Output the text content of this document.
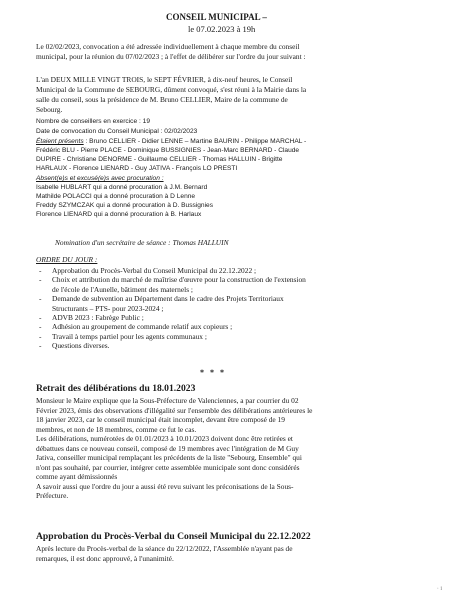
CONSEIL MUNICIPAL –

le 07.02.2023 à 19h

Le 02/02/2023, convocation a été adressée individuellement à chaque membre du conseil

municipal, pour la réunion du 07/02/2023 ; à l'effet de délibérer sur l'ordre du jour suivant :

L'an DEUX MILLE VINGT TROIS, le SEPT FÉVRIER, à dix-neuf heures, le Conseil

Municipal de la Commune de SEBOURG, dûment convoqué, s'est réuni à la Mairie dans la

salle du conseil, sous la présidence de M. Bruno CELLIER, Maire de la commune de

Sebourg.

Nombre de conseillers en exercice : 19

Date de convocation du Conseil Municipal : 02/02/2023

Étaient présents : Bruno CELLIER - Didier LENNE – Martine BAURIN - Philippe MARCHAL -

Frédéric BLU - Pierre PLACE - Dominique BUSSIGNIES - Jean-Marc BERNARD - Claude

DUPIRE - Christiane DENORME - Guillaume CELLIER - Thomas HALLUIN - Brigitte

HARLAUX - Florence LIENARD - Guy JATIVA - François LO PRESTI

Absent(e)s et excusé(e)s avec procuration :

Isabelle HUBLART qui a donné procuration à J.M. Bernard

Mathilde POLACCI qui a donné procuration à D Lenne

Freddy SZYMCZAK qui a donné procuration à D. Bussignies

Florence LIENARD qui a donné procuration à B. Harlaux

Nomination d'un secrétaire de séance : Thomas HALLUIN

ORDRE DU JOUR :

- Approbation du Procès-Verbal du Conseil Municipal du 22.12.2022 ;
- Choix et attribution du marché de maîtrise d'œuvre pour la construction de l'extension
de l'école de l'Aunelle, bâtiment des maternels ;
- Demande de subvention au Département dans le cadre des Projets Territoriaux
Structurants – PTS- pour 2023-2024 ;
- ADVB 2023 : Fabrège Public ;
- Adhésion au groupement de commande relatif aux copieurs ;
- Travail à temps partiel pour les agents communaux ;
- Questions diverses.

* * *

Retrait des délibérations du 18.01.2023

Monsieur le Maire explique que la Sous-Préfecture de Valenciennes, a par courrier du 02

Février 2023, émis des observations d'illégalité sur l'ensemble des délibérations antérieures le

18 janvier 2023, car le conseil municipal était incomplet, devant être composé de 19

membres, et non de 18 membres, comme ce fut le cas.

Les délibérations, numérotées de 01.01/2023 à 10.01/2023 doivent donc être retirées et

débattues dans ce nouveau conseil, composé de 19 membres avec l'intégration de M Guy

Jativa, conseiller municipal remplaçant les précédents de la liste "Sebourg, Ensemble" qui

n'ont pas souhaité, par courrier, intégrer cette assemblée municipale sont donc considérés

comme ayant démissionnés

A savoir aussi que l'ordre du jour a aussi été revu suivant les préconisations de la Sous-

Préfecture.

Approbation du Procès-Verbal du Conseil Municipal du 22.12.2022

Après lecture du Procès-verbal de la séance du 22/12/2022, l'Assemblée n'ayant pas de

remarques, il est donc approuvé, à l'unanimité.

· i
